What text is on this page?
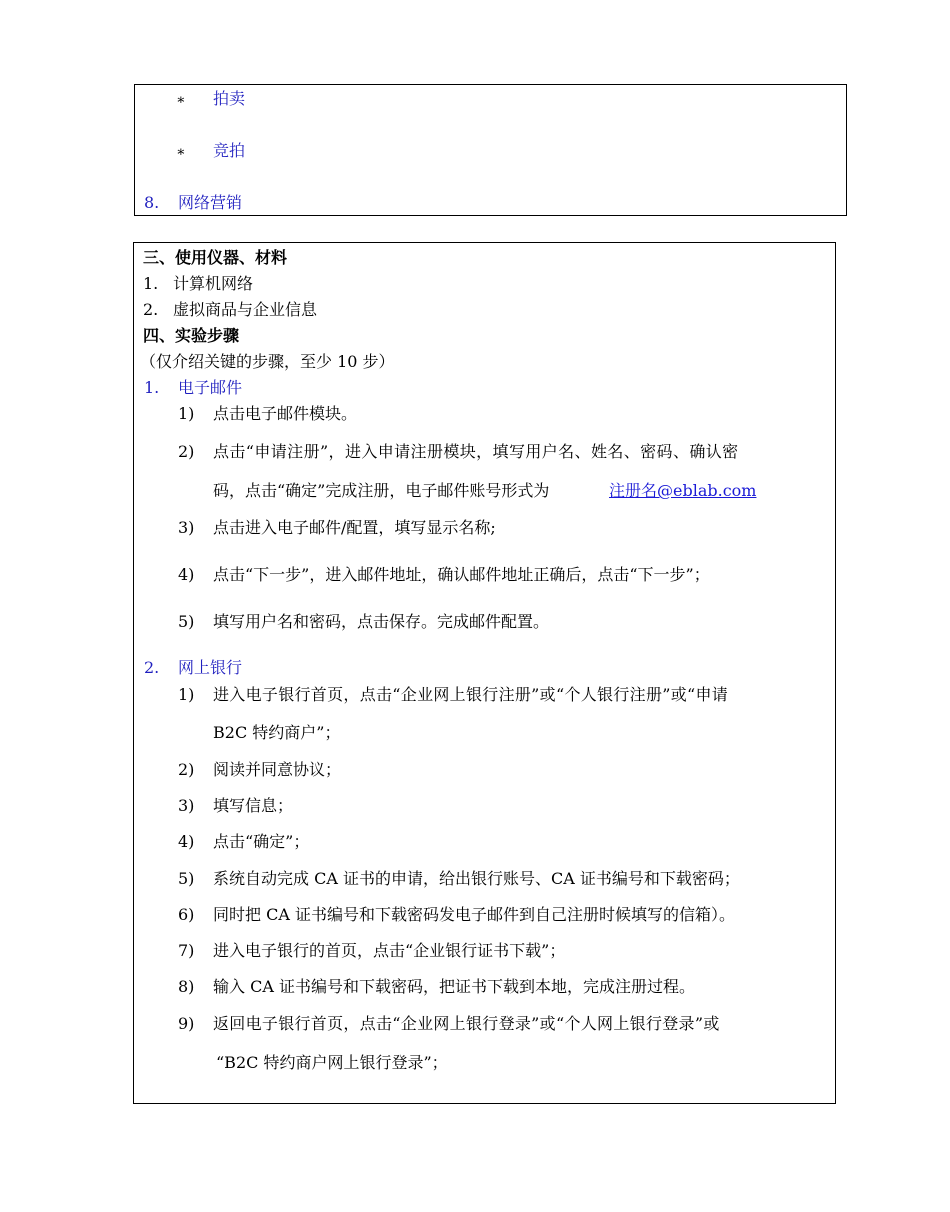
∗ 拍卖
∗ 竞拍
8. 网络营销
三、使用仪器、材料
1. 计算机网络
2. 虚拟商品与企业信息
四、实验步骤
（仅介绍关键的步骤，至少 10 步）
1. 电子邮件
1) 点击电子邮件模块。
2) 点击“申请注册”，进入申请注册模块，填写用户名、姓名、密码、确认密
码，点击“确定”完成注册，电子邮件账号形式为	注册名@eblab.com
3) 点击进入电子邮件/配置，填写显示名称;
4) 点击“下一步”，进入邮件地址，确认邮件地址正确后，点击“下一步”；
5) 填写用户名和密码，点击保存。完成邮件配置。
2. 网上银行
1) 进入电子银行首页，点击“企业网上银行注册”或“个人银行注册”或“申请
B2C 特约商户”；
2) 阅读并同意协议；
3) 填写信息；
4) 点击“确定”；
5) 系统自动完成 CA 证书的申请，给出银行账号、CA 证书编号和下载密码；
6) 同时把 CA 证书编号和下载密码发电子邮件到自己注册时候填写的信箱）。
7) 进入电子银行的首页，点击“企业银行证书下载”；
8) 输入 CA 证书编号和下载密码，把证书下载到本地，完成注册过程。
9) 返回电子银行首页，点击“企业网上银行登录”或“个人网上银行登录”或
“B2C 特约商户网上银行登录”；
